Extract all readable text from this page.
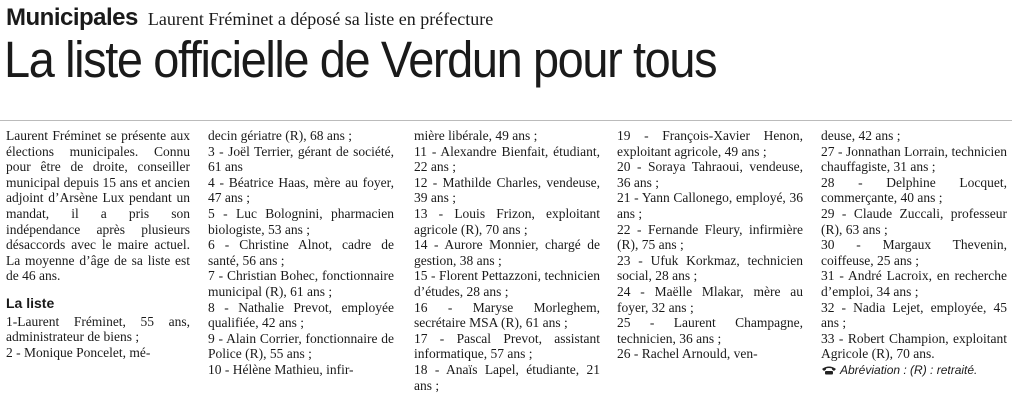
Municipales Laurent Fréminet a déposé sa liste en préfecture
La liste officielle de Verdun pour tous

Laurent Fréminet se présente aux élections municipales. Connu pour être de droite, conseiller municipal depuis 15 ans et ancien adjoint d’Arsène Lux pendant un mandat, il a pris son indépendance après plusieurs désaccords avec le maire actuel. La moyenne d’âge de sa liste est de 46 ans.

La liste

1-Laurent Fréminet, 55 ans, administrateur de biens ;

2 - Monique Poncelet, mé-

decin gériatre (R), 68 ans ;

3 - Joël Terrier, gérant de société, 61 ans

4 - Béatrice Haas, mère au foyer, 47 ans ;

5 - Luc Bolognini, pharmacien biologiste, 53 ans ;

6 - Christine Alnot, cadre de santé, 56 ans ;

7 - Christian Bohec, fonctionnaire municipal (R), 61 ans ;

8 - Nathalie Prevot, employée qualifiée, 42 ans ;

9 - Alain Corrier, fonctionnaire de Police (R), 55 ans ;

10 - Hélène Mathieu, infir-

mière libérale, 49 ans ;

11 - Alexandre Bienfait, étudiant, 22 ans ;

12 - Mathilde Charles, vendeuse, 39 ans ;

13 - Louis Frizon, exploitant agricole (R), 70 ans ;

14 - Aurore Monnier, chargé de gestion, 38 ans ;

15 - Florent Pettazzoni, technicien d’études, 28 ans ;

16 - Maryse Morleghem, secrétaire MSA (R), 61 ans ;

17 - Pascal Prevot, assistant informatique, 57 ans ;

18 - Anaïs Lapel, étudiante, 21 ans ;

19 - François-Xavier Henon, exploitant agricole, 49 ans ;

20 - Soraya Tahraoui, vendeuse, 36 ans ;

21 - Yann Callonego, employé, 36 ans ;

22 - Fernande Fleury, infirmière (R), 75 ans ;

23 - Ufuk Korkmaz, technicien social, 28 ans ;

24 - Maëlle Mlakar, mère au foyer, 32 ans ;

25 - Laurent Champagne, technicien, 36 ans ;

26 - Rachel Arnould, ven-

deuse, 42 ans ;

27 - Jonnathan Lorrain, technicien chauffagiste, 31 ans ;

28 - Delphine Locquet, commerçante, 40 ans ;

29 - Claude Zuccali, professeur (R), 63 ans ;

30 - Margaux Thevenin, coiffeuse, 25 ans ;

31 - André Lacroix, en recherche d’emploi, 34 ans ;

32 - Nadia Lejet, employée, 45 ans ;

33 - Robert Champion, exploitant Agricole (R), 70 ans.

Abréviation : (R) : retraité.
